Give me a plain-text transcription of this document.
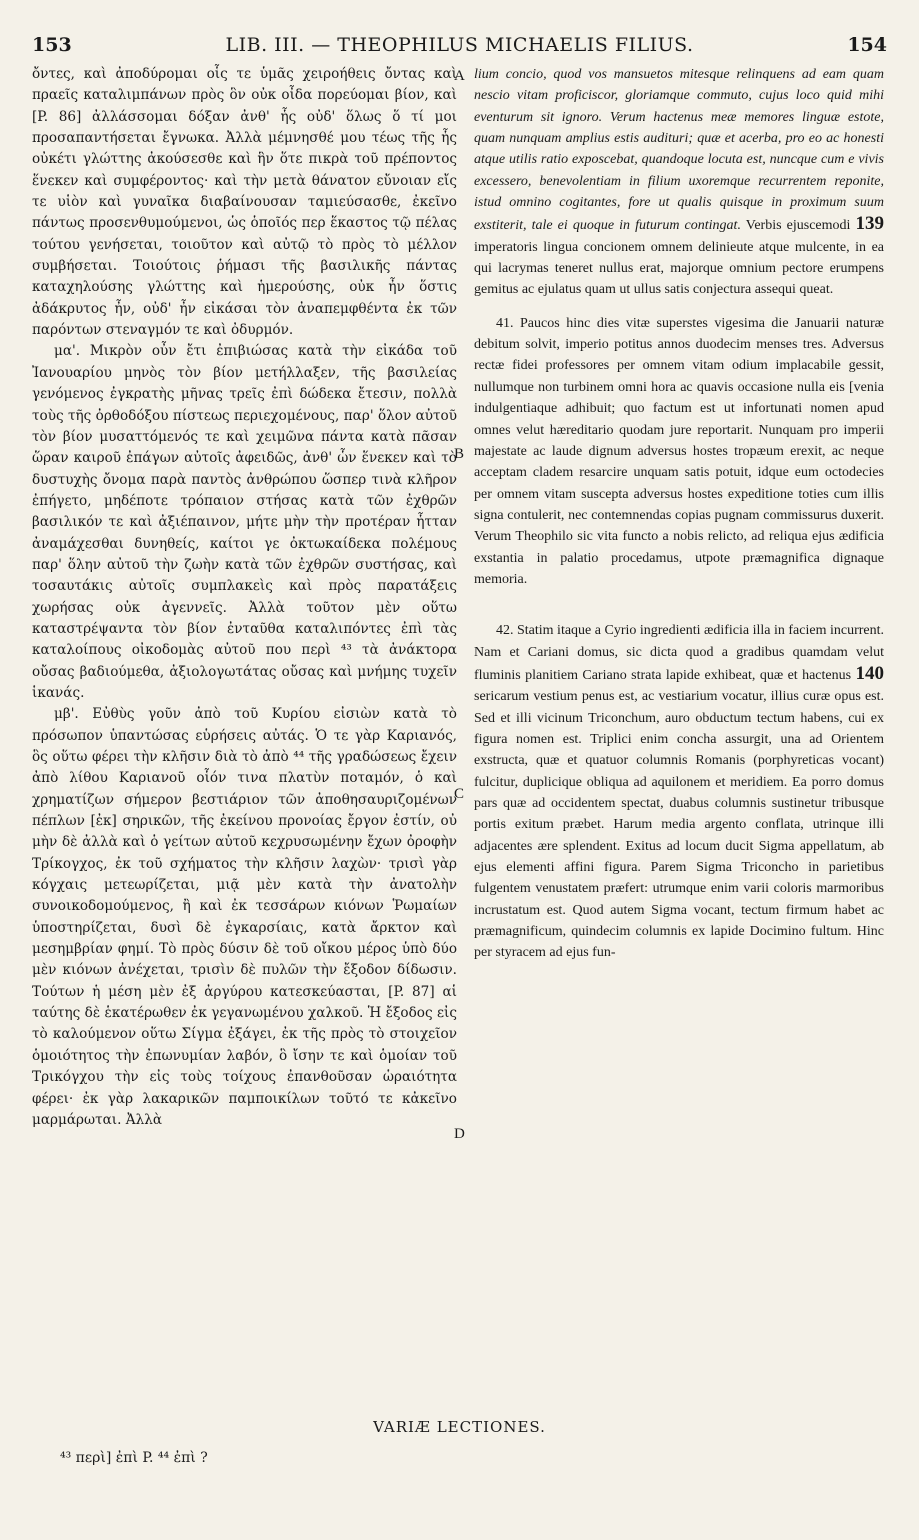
153	LIB. III. — THEOPHILUS MICHAELIS FILIUS.	154

ὄντες, καὶ ἀποδύρομαι οἷς τε ὑμᾶς χειροήθεις ὄντας καὶ πραεῖς καταλιμπάνων πρὸς ὃν οὐκ οἶδα πορεύομαι βίον, καὶ [P. 86] ἀλλάσσομαι δόξαν ἀνθ' ἧς οὐδ' ὅλως ὅ τί μοι προσαπαντήσεται ἔγνωκα. Ἀλλὰ μέμνησθέ μου τέως τῆς ἧς οὐκέτι γλώττης ἀκούσεσθε καὶ ἣν ὅτε πικρὰ τοῦ πρέποντος ἕνεκεν καὶ συμφέροντος· καὶ τὴν μετὰ θάνατον εὔνοιαν εἴς τε υἱὸν καὶ γυναῖκα διαβαίνουσαν ταμιεύσασθε, ἐκεῖνο πάντως προσενθυμούμενοι, ὡς ὁποῖός περ ἕκαστος τῷ πέλας τούτου γενήσεται, τοιοῦτον καὶ αὐτῷ τὸ πρὸς τὸ μέλλον συμβήσεται. Τοιούτοις ῥήμασι τῆς βασιλικῆς πάντας καταχηλούσης γλώττης καὶ ἡμερούσης, οὐκ ἦν ὅστις ἀδάκρυτος ἦν, οὐδ' ἦν εἰκάσαι τὸν ἀναπεμφθέντα ἐκ τῶν παρόντων στεναγμόν τε καὶ ὀδυρμόν.

μα'. Μικρὸν οὖν ἔτι ἐπιβιώσας κατὰ τὴν εἰκάδα τοῦ Ἰανουαρίου μηνὸς τὸν βίον μετήλλαξεν, τῆς βασιλείας γενόμενος ἐγκρατὴς μῆνας τρεῖς ἐπὶ δώδεκα ἔτεσιν, πολλὰ τοὺς τῆς ὀρθοδόξου πίστεως περιεχομένους, παρ' ὅλον αὐτοῦ τὸν βίον μυσαττόμενός τε καὶ χειμῶνα πάντα κατὰ πᾶσαν ὥραν καιροῦ ἐπάγων αὐτοῖς ἀφειδῶς, ἀνθ' ὧν ἕνεκεν καὶ τὸ δυστυχὴς ὄνομα παρὰ παντὸς ἀνθρώπου ὥσπερ τινὰ κλῆρον ἐπήγετο, μηδέποτε τρόπαιον στήσας κατὰ τῶν ἐχθρῶν βασιλικόν τε καὶ ἀξιέπαινον, μήτε μὴν τὴν προτέραν ἧτταν ἀναμάχεσθαι δυνηθείς, καίτοι γε ὀκτωκαίδεκα πολέμους παρ' ὅλην αὐτοῦ τὴν ζωὴν κατὰ τῶν ἐχθρῶν συστήσας, καὶ τοσαυτάκις αὐτοῖς συμπλακεὶς καὶ πρὸς παρατάξεις χωρήσας οὐκ ἀγεννεῖς. Ἀλλὰ τοῦτον μὲν οὕτω καταστρέψαντα τὸν βίον ἐνταῦθα καταλιπόντες ἐπὶ τὰς καταλοίπους οἰκοδομὰς αὐτοῦ που περὶ ⁴³ τὰ ἀνάκτορα οὔσας βαδιούμεθα, ἀξιολογωτάτας οὔσας καὶ μνήμης τυχεῖν ἱκανάς.

μβ'. Εὐθὺς γοῦν ἀπὸ τοῦ Κυρίου εἰσιὼν κατὰ τὸ πρόσωπον ὑπαντώσας εὑρήσεις αὐτάς. Ὁ τε γὰρ Καριανός, ὃς οὕτω φέρει τὴν κλῆσιν διὰ τὸ ἀπὸ ⁴⁴ τῆς γραδώσεως ἔχειν ἀπὸ λίθου Καριανοῦ οἷόν τινα πλατὺν ποταμόν, ὁ καὶ χρηματίζων σήμερον βεστιάριον τῶν ἀποθησαυριζομένων πέπλων [ἐκ] σηρικῶν, τῆς ἐκείνου προνοίας ἔργον ἐστίν, οὐ μὴν δὲ ἀλλὰ καὶ ὁ γείτων αὐτοῦ κεχρυσωμένην ἔχων ὀροφὴν Τρίκογχος, ἐκ τοῦ σχήματος τὴν κλῆσιν λαχὼν· τρισὶ γὰρ κόγχαις μετεωρίζεται, μιᾷ μὲν κατὰ τὴν ἀνατολὴν συνοικοδομούμενος, ἢ καὶ ἐκ τεσσάρων κιόνων Ῥωμαίων ὑποστηρίζεται, δυσὶ δὲ ἐγκαρσίαις, κατὰ ἄρκτον καὶ μεσημβρίαν φημί. Τὸ πρὸς δύσιν δὲ τοῦ οἴκου μέρος ὑπὸ δύο μὲν κιόνων ἀνέχεται, τρισὶν δὲ πυλῶν τὴν ἔξοδον δίδωσιν. Τούτων ἡ μέση μὲν ἐξ ἀργύρου κατεσκεύασται, [P. 87] αἱ ταύτης δὲ ἑκατέρωθεν ἐκ γεγανωμένου χαλκοῦ. Ἡ ἔξοδος εἰς τὸ καλούμενον οὕτω Σίγμα ἐξάγει, ἐκ τῆς πρὸς τὸ στοιχεῖον ὁμοιότητος τὴν ἐπωνυμίαν λαβόν, ὃ ἴσην τε καὶ ὁμοίαν τοῦ Τρικόγχου τὴν εἰς τοὺς τοίχους ἐπανθοῦσαν ὡραιότητα φέρει· ἐκ γὰρ λακαρικῶν παμποικίλων τοῦτό τε κἀκεῖνο μαρμάρωται. Ἀλλὰ

A
B
C
D

lium concio, quod vos mansuetos mitesque relinquens ad eam quam nescio vitam proficiscor, gloriamque commuto, cujus loco quid mihi eventurum sit ignoro. Verum hactenus meæ memores linguæ estote, quam nunquam amplius estis audituri; quæ et acerba, pro eo ac honesti atque utilis ratio exposcebat, quandoque locuta est, nuncque cum e vivis excessero, benevolentiam in filium uxoremque recurrentem reponite, istud omnino cogitantes, fore ut qualis quisque in proximum suum exstiterit, tale ei quoque in futurum contingat. Verbis ejuscemodi 139 imperatoris lingua concionem omnem delinieute atque mulcente, in ea qui lacrymas teneret nullus erat, majorque omnium pectore erumpens gemitus ac ejulatus quam ut ullus satis conjectura assequi queat.

41. Paucos hinc dies vitæ superstes vigesima die Januarii naturæ debitum solvit, imperio potitus annos duodecim menses tres. Adversus rectæ fidei professores per omnem vitam odium implacabile gessit, nullumque non turbinem omni hora ac quavis occasione nulla eis [venia indulgentiaque adhibuit; quo factum est ut infortunati nomen apud omnes velut hæreditario quodam jure reportarit. Nunquam pro imperii majestate ac laude dignum adversus hostes tropæum erexit, ac neque acceptam cladem resarcire unquam satis potuit, idque eum octodecies per omnem vitam suscepta adversus hostes expeditione toties cum illis signa contulerit, nec contemnendas copias pugnam commissurus duxerit. Verum Theophilo sic vita functo a nobis relicto, ad reliqua ejus ædificia exstantia in palatio procedamus, utpote præmagnifica dignaque memoria.

42. Statim itaque a Cyrio ingredienti ædificia illa in faciem incurrent. Nam et Cariani domus, sic dicta quod a gradibus quamdam velut fluminis planitiem Cariano strata lapide exhibeat, quæ et hactenus 140 sericarum vestium penus est, ac vestiarium vocatur, illius curæ opus est. Sed et illi vicinum Triconchum, auro obductum tectum habens, cui ex figura nomen est. Triplici enim concha assurgit, una ad Orientem exstructa, quæ et quatuor columnis Romanis (porphyreticas vocant) fulcitur, duplicique obliqua ad aquilonem et meridiem. Ea porro domus pars quæ ad occidentem spectat, duabus columnis sustinetur tribusque portis exitum præbet. Harum media argento conflata, utrinque illi adjacentes ære splendent. Exitus ad locum ducit Sigma appellatum, ab ejus elementi affini figura. Parem Sigma Triconcho in parietibus fulgentem venustatem præfert: utrumque enim varii coloris marmoribus incrustatum est. Quod autem Sigma vocant, tectum firmum habet ac præmagnificum, quindecim columnis ex lapide Docimino fultum. Hinc per styracem ad ejus fun-

VARIÆ LECTIONES.
⁴³ περὶ] ἐπὶ P. ⁴⁴ ἐπὶ ?
